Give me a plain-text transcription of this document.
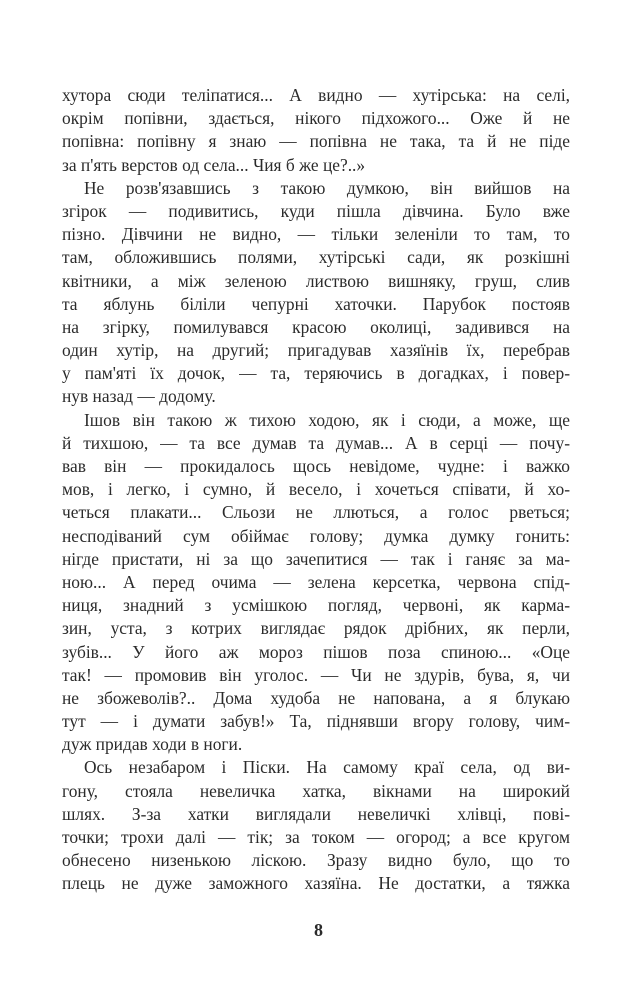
хутора сюди теліпатися... А видно — хутірська: на селі,
окрім попівни, здається, нікого підхожого... Оже й не
попівна: попівну я знаю — попівна не така, та й не піде
за п'ять верстов од села... Чия б же це?..»
Не розв'язавшись з такою думкою, він вийшов на
згірок — подивитись, куди пішла дівчина. Було вже
пізно. Дівчини не видно, — тільки зеленіли то там, то
там, обложившись полями, хутірські сади, як розкішні
квітники, а між зеленою листвою вишняку, груш, слив
та яблунь біліли чепурні хаточки. Парубок постояв
на згірку, помилувався красою околиці, задивився на
один хутір, на другий; пригадував хазяїнів їх, перебрав
у пам'яті їх дочок, — та, теряючись в догадках, і повер-
нув назад — додому.
Ішов він такою ж тихою ходою, як і сюди, а може, ще
й тихшою, — та все думав та думав... А в серці — почу-
вав він — прокидалось щось невідоме, чудне: і важко
мов, і легко, і сумно, й весело, і хочеться співати, й хо-
четься плакати... Сльози не ллються, а голос рветься;
несподіваний сум обіймає голову; думка думку гонить:
нігде пристати, ні за що зачепитися — так і ганяє за ма-
ною... А перед очима — зелена керсетка, червона спід-
ниця, знадний з усмішкою погляд, червоні, як карма-
зин, уста, з котрих виглядає рядок дрібних, як перли,
зубів... У його аж мороз пішов поза спиною... «Оце
так! — промовив він уголос. — Чи не здурів, бува, я, чи
не збожеволів?.. Дома худоба не напована, а я блукаю
тут — і думати забув!» Та, піднявши вгору голову, чим-
дуж придав ходи в ноги.
Ось незабаром і Піски. На самому краї села, од ви-
гону, стояла невеличка хатка, вікнами на широкий
шлях. З-за хатки виглядали невеличкі хлівці, пові-
точки; трохи далі — тік; за током — огород; а все кругом
обнесено низенькою ліскою. Зразу видно було, що то
плець не дуже заможного хазяїна. Не достатки, а тяжка
8
